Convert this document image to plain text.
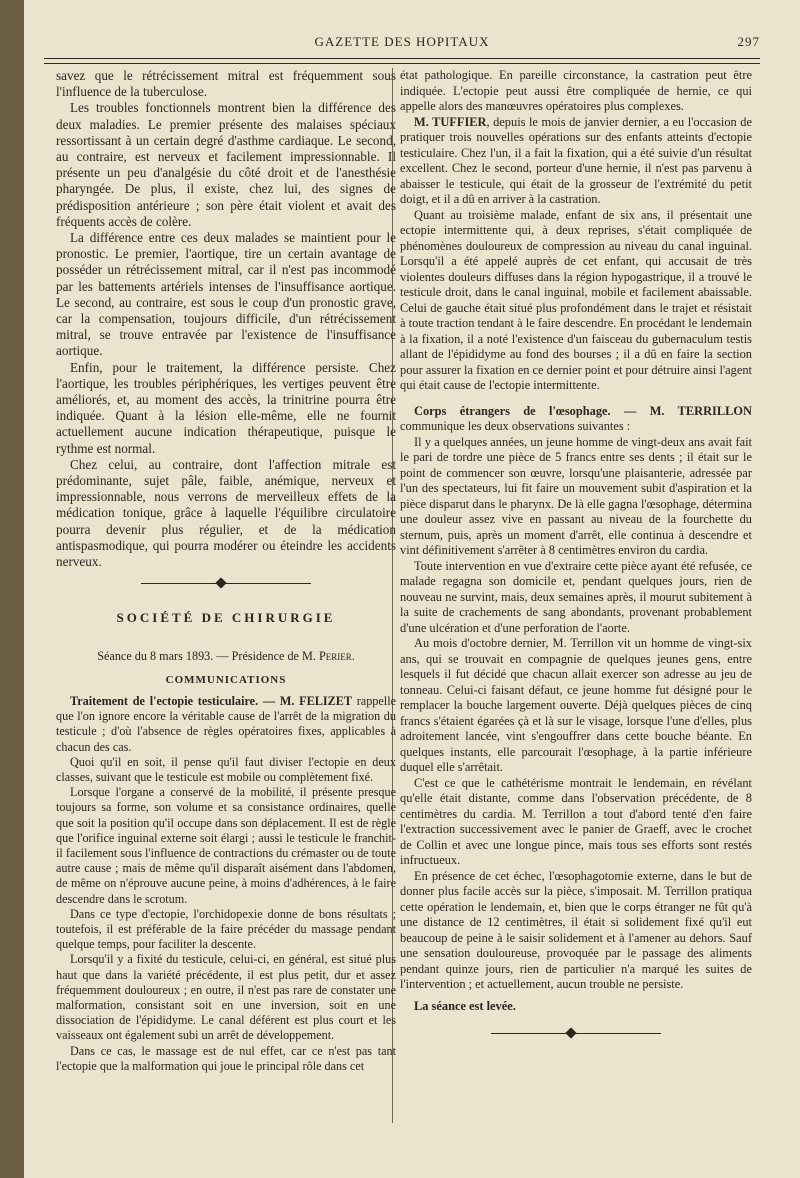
GAZETTE DES HOPITAUX	297

savez que le rétrécissement mitral est fréquemment sous l'influence de la tuberculose.

Les troubles fonctionnels montrent bien la différence des deux maladies. Le premier présente des malaises spéciaux ressortissant à un certain degré d'asthme cardiaque. Le second, au contraire, est nerveux et facilement impressionnable. Il présente un peu d'analgésie du côté droit et de l'anesthésie pharyngée. De plus, il existe, chez lui, des signes de prédisposition antérieure ; son père était violent et avait des fréquents accès de colère.

La différence entre ces deux malades se maintient pour le pronostic. Le premier, l'aortique, tire un certain avantage de posséder un rétrécissement mitral, car il n'est pas incommodé par les battements artériels intenses de l'insuffisance aortique. Le second, au contraire, est sous le coup d'un pronostic grave, car la compensation, toujours difficile, d'un rétrécissement mitral, se trouve entravée par l'existence de l'insuffisance aortique.

Enfin, pour le traitement, la différence persiste. Chez l'aortique, les troubles périphériques, les vertiges peuvent être améliorés, et, au moment des accès, la trinitrine pourra être indiquée. Quant à la lésion elle-même, elle ne fournit actuellement aucune indication thérapeutique, puisque le rythme est normal.

Chez celui, au contraire, dont l'affection mitrale est prédominante, sujet pâle, faible, anémique, nerveux et impressionnable, nous verrons de merveilleux effets de la médication tonique, grâce à laquelle l'équilibre circulatoire pourra devenir plus régulier, et de la médication antispasmodique, qui pourra modérer ou éteindre les accidents nerveux.

SOCIÉTÉ DE CHIRURGIE
Séance du 8 mars 1893. — Présidence de M. Perier.
COMMUNICATIONS

Traitement de l'ectopie testiculaire. — M. FELIZET rappelle que l'on ignore encore la véritable cause de l'arrêt de la migration du testicule ; d'où l'absence de règles opératoires fixes, applicables à chacun des cas.

Quoi qu'il en soit, il pense qu'il faut diviser l'ectopie en deux classes, suivant que le testicule est mobile ou complètement fixé.

Lorsque l'organe a conservé de la mobilité, il présente presque toujours sa forme, son volume et sa consistance ordinaires, quelle que soit la position qu'il occupe dans son déplacement. Il est de règle que l'orifice inguinal externe soit élargi ; aussi le testicule le franchit-il facilement sous l'influence de contractions du crémaster ou de toute autre cause ; mais de même qu'il disparaît aisément dans l'abdomen, de même on n'éprouve aucune peine, à moins d'adhérences, à le faire descendre dans le scrotum.

Dans ce type d'ectopie, l'orchidopexie donne de bons résultats ; toutefois, il est préférable de la faire précéder du massage pendant quelque temps, pour faciliter la descente.

Lorsqu'il y a fixité du testicule, celui-ci, en général, est situé plus haut que dans la variété précédente, il est plus petit, dur et assez fréquemment douloureux ; en outre, il n'est pas rare de constater une malformation, consistant soit en une inversion, soit en une dissociation de l'épididyme. Le canal déférent est plus court et les vaisseaux ont également subi un arrêt de développement.

Dans ce cas, le massage est de nul effet, car ce n'est pas tant l'ectopie que la malformation qui joue le principal rôle dans cet

état pathologique. En pareille circonstance, la castration peut être indiquée. L'ectopie peut aussi être compliquée de hernie, ce qui appelle alors des manœuvres opératoires plus complexes.

M. TUFFIER, depuis le mois de janvier dernier, a eu l'occasion de pratiquer trois nouvelles opérations sur des enfants atteints d'ectopie testiculaire. Chez l'un, il a fait la fixation, qui a été suivie d'un résultat excellent. Chez le second, porteur d'une hernie, il n'est pas parvenu à abaisser le testicule, qui était de la grosseur de l'extrémité du petit doigt, et il a dû en arriver à la castration.

Quant au troisième malade, enfant de six ans, il présentait une ectopie intermittente qui, à deux reprises, s'était compliquée de phénomènes douloureux de compression au niveau du canal inguinal. Lorsqu'il a été appelé auprès de cet enfant, qui accusait de très violentes douleurs diffuses dans la région hypogastrique, il a trouvé le testicule droit, dans le canal inguinal, mobile et facilement abaissable. Celui de gauche était situé plus profondément dans le trajet et résistait à toute traction tendant à le faire descendre. En procédant le lendemain à la fixation, il a noté l'existence d'un faisceau du gubernaculum testis allant de l'épididyme au fond des bourses ; il a dû en faire la section pour assurer la fixation en ce dernier point et pour détruire ainsi l'agent qui était cause de l'ectopie intermittente.

Corps étrangers de l'œsophage. — M. TERRILLON communique les deux observations suivantes :

Il y a quelques années, un jeune homme de vingt-deux ans avait fait le pari de tordre une pièce de 5 francs entre ses dents ; il était sur le point de commencer son œuvre, lorsqu'une plaisanterie, adressée par l'un des spectateurs, lui fit faire un mouvement subit d'aspiration et la pièce disparut dans le pharynx. De là elle gagna l'œsophage, détermina une douleur assez vive en passant au niveau de la fourchette du sternum, puis, après un moment d'arrêt, elle continua à descendre et vint définitivement s'arrêter à 8 centimètres environ du cardia.

Toute intervention en vue d'extraire cette pièce ayant été refusée, ce malade regagna son domicile et, pendant quelques jours, rien de nouveau ne survint, mais, deux semaines après, il mourut subitement à la suite de crachements de sang abondants, provenant probablement d'une ulcération et d'une perforation de l'aorte.

Au mois d'octobre dernier, M. Terrillon vit un homme de vingt-six ans, qui se trouvait en compagnie de quelques jeunes gens, entre lesquels il fut décidé que chacun allait exercer son adresse au jeu de tonneau. Celui-ci faisant défaut, ce jeune homme fut désigné pour le remplacer la bouche largement ouverte. Déjà quelques pièces de cinq francs s'étaient égarées çà et là sur le visage, lorsque l'une d'elles, plus adroitement lancée, vint s'engouffrer dans cette bouche béante. En quelques instants, elle parcourait l'œsophage, à la partie inférieure duquel elle s'arrêtait.

C'est ce que le cathétérisme montrait le lendemain, en révélant qu'elle était distante, comme dans l'observation précédente, de 8 centimètres du cardia. M. Terrillon a tout d'abord tenté d'en faire l'extraction successivement avec le panier de Graeff, avec le crochet de Collin et avec une longue pince, mais tous ses efforts sont restés infructueux.

En présence de cet échec, l'œsophagotomie externe, dans le but de donner plus facile accès sur la pièce, s'imposait. M. Terrillon pratiqua cette opération le lendemain, et, bien que le corps étranger ne fût qu'à une distance de 12 centimètres, il était si solidement fixé qu'il eut beaucoup de peine à le saisir solidement et à l'amener au dehors. Sauf une sensation douloureuse, provoquée par le passage des aliments pendant quinze jours, rien de particulier n'a marqué les suites de l'intervention ; et actuellement, aucun trouble ne persiste.

La séance est levée.
